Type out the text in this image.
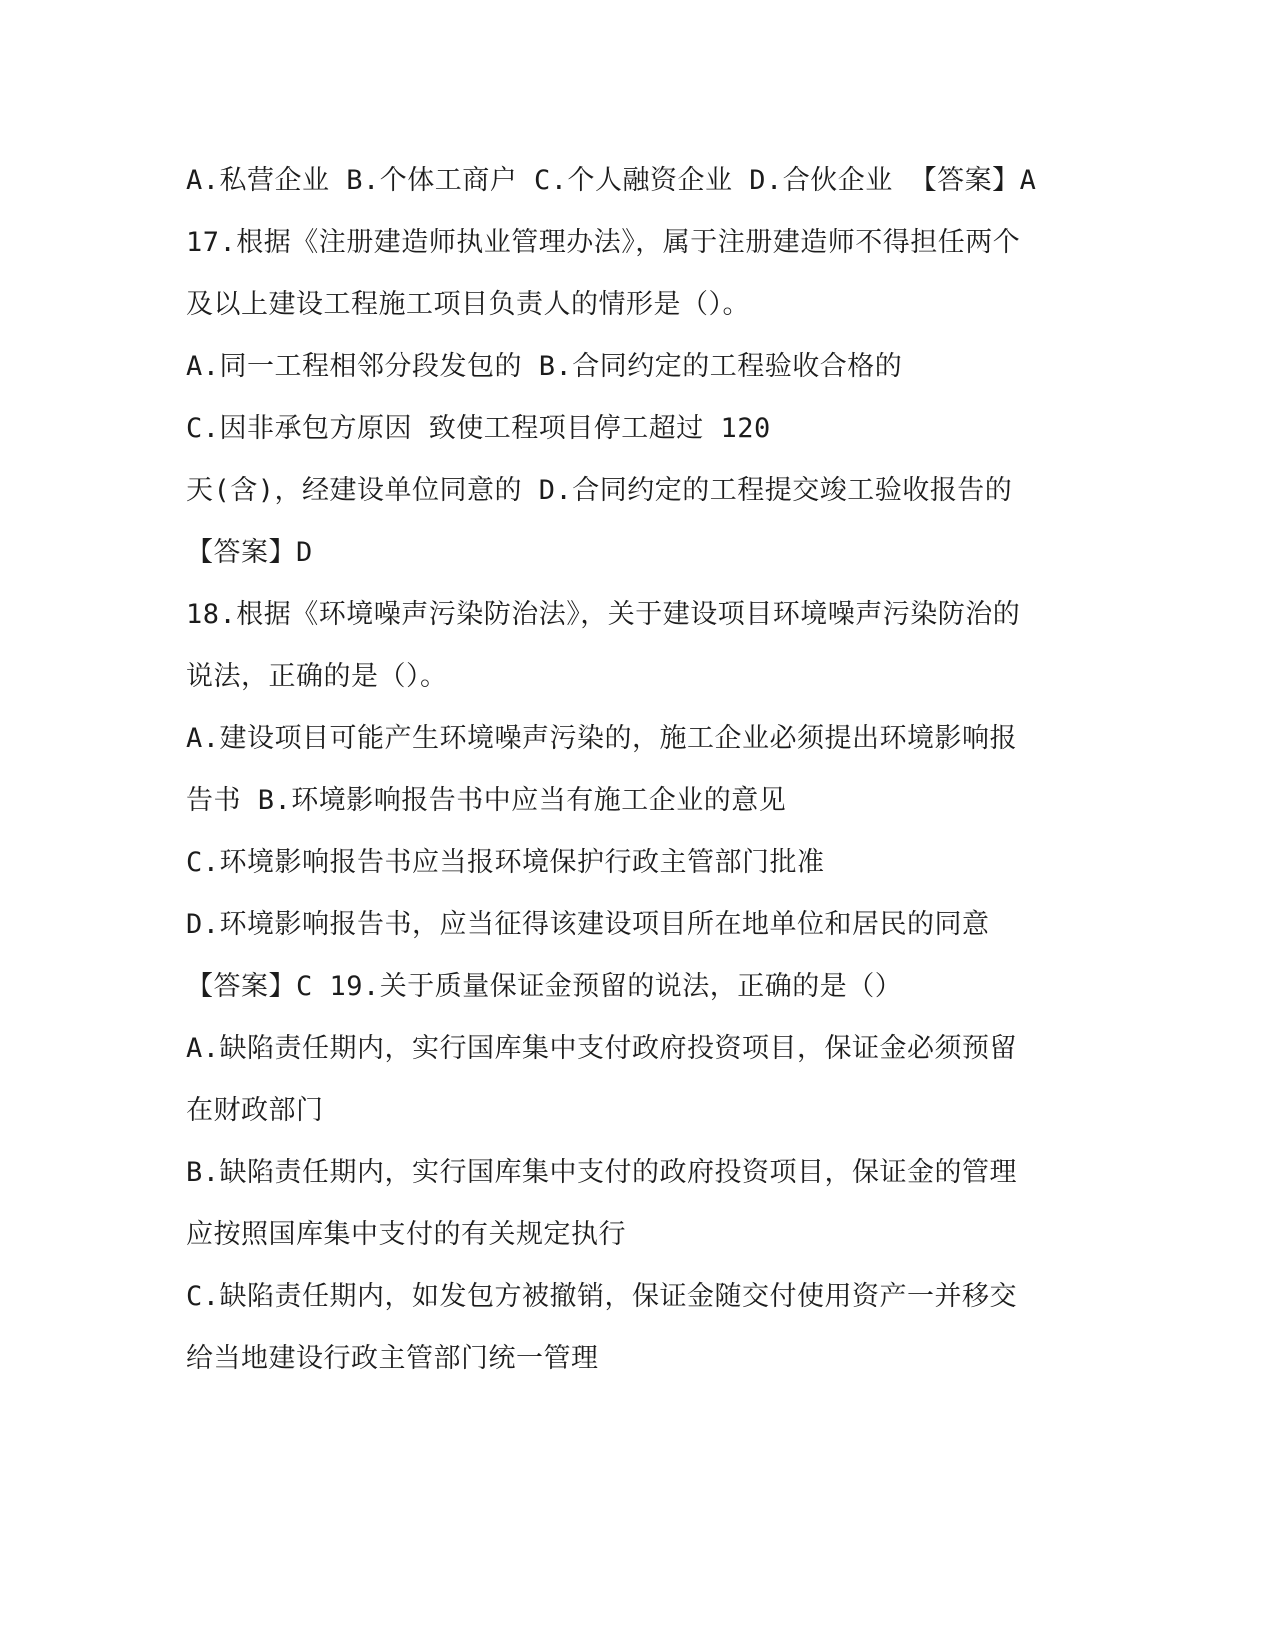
A.私营企业 B.个体工商户 C.个人融资企业 D.合伙企业 【答案】A
17.根据《注册建造师执业管理办法》，属于注册建造师不得担任两个
及以上建设工程施工项目负责人的情形是（）。
A.同一工程相邻分段发包的 B.合同约定的工程验收合格的
C.因非承包方原因 致使工程项目停工超过 120
天(含)，经建设单位同意的 D.合同约定的工程提交竣工验收报告的
【答案】D
18.根据《环境噪声污染防治法》，关于建设项目环境噪声污染防治的
说法，正确的是（）。
A.建设项目可能产生环境噪声污染的，施工企业必须提出环境影响报
告书 B.环境影响报告书中应当有施工企业的意见
C.环境影响报告书应当报环境保护行政主管部门批准
D.环境影响报告书，应当征得该建设项目所在地单位和居民的同意
【答案】C 19.关于质量保证金预留的说法，正确的是（）
A.缺陷责任期内，实行国库集中支付政府投资项目，保证金必须预留
在财政部门
B.缺陷责任期内，实行国库集中支付的政府投资项目，保证金的管理
应按照国库集中支付的有关规定执行
C.缺陷责任期内，如发包方被撤销，保证金随交付使用资产一并移交
给当地建设行政主管部门统一管理
